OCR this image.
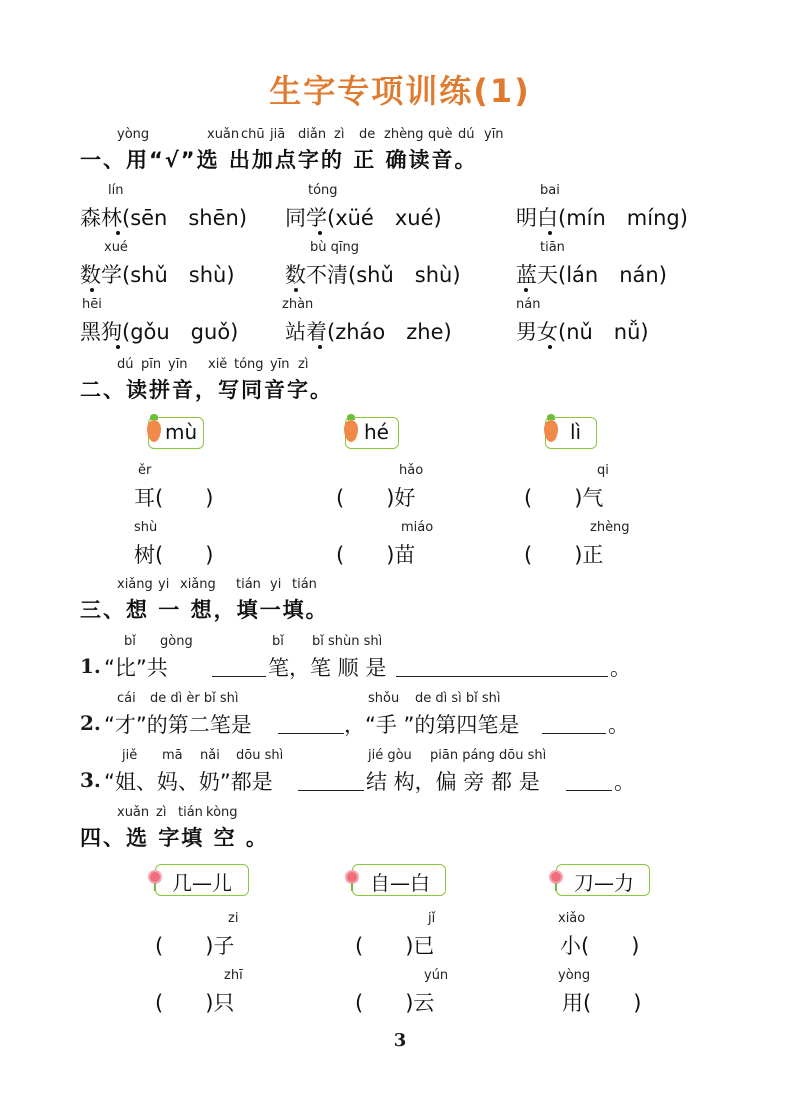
生字专项训练(1)
yòng	xuǎn chū jiā diǎn zì de zhèng què dú yīn
一、用“√”选 出加点字的 正 确读音。
lín
森林(sēn　shēn)
tóng
同学(xüé　xué)
bai
明白(mín　míng)
xué
数学(shǔ　shù)
bù qīng
数不清(shǔ　shù)
tiān
蓝天(lán　nán)
hēi
黑狗(gǒu　guǒ)
zhàn
站着(zháo　zhe)
nán
男女(nǔ　nǚ)
dú pīn yīn xiě tóng yīn zì
二、读拼音，写同音字。
mù	hé	lì
ěr
耳(　　)
hǎo
(　　)好
qi
(　　)气
shù
树(　　)
miáo
(　　)苗
zhèng
(　　)正
xiǎng yi xiǎng tián yi tián
三、想 一 想，填一填。
bǐ gòng	bǐ bǐ shùn shì
1. “比”共	笔，笔 顺 是	。
cái de dì èr bǐ shì	shǒu de dì sì bǐ shì
2. “才”的第二笔是	，“手 ”的第四笔是	。
jiě mā nǎi dōu shì	jié gòu piān páng dōu shì
3. “姐、妈、奶”都是	结 构，偏 旁 都 是	。
xuǎn zì tián kòng
四、选 字填 空 。
几—儿	自—白	刀—力
zi
(　　)子
jǐ
(　　)已
xiǎo
小(　　)
zhī
(　　)只
yún
(　　)云
yòng
用(　　)
3
